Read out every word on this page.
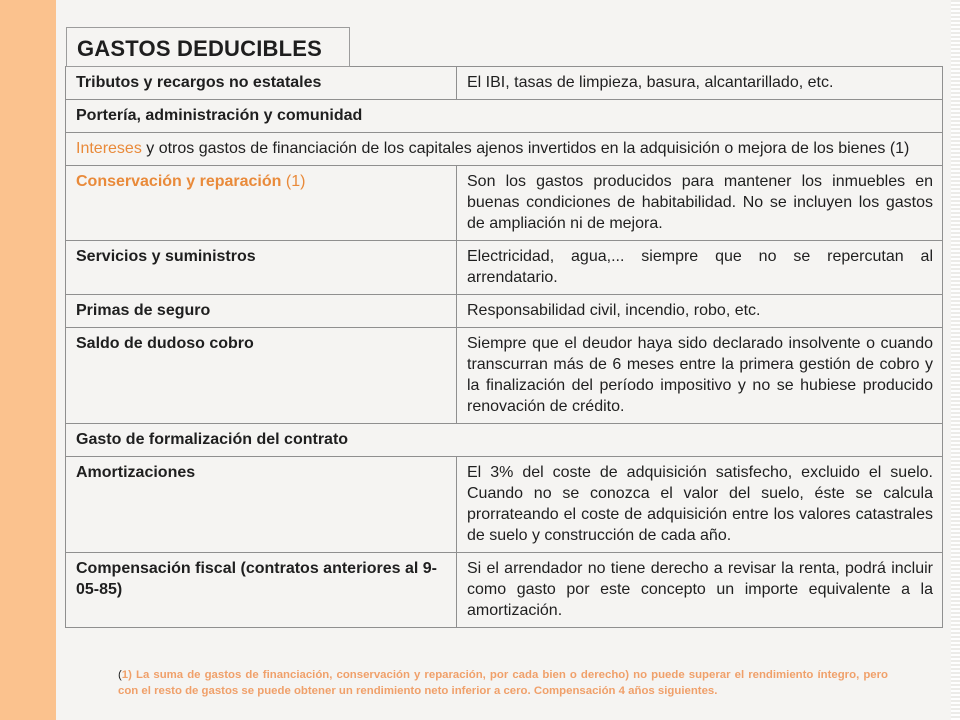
GASTOS DEDUCIBLES
Tributos y recargos no estatales	El IBI, tasas de limpieza, basura, alcantarillado, etc.
Portería, administración y comunidad	
Intereses y otros gastos de financiación de los capitales ajenos invertidos en la adquisición o mejora de los bienes (1)	
Conservación y reparación (1)	Son los gastos producidos para mantener los inmuebles en buenas condiciones de habitabilidad. No se incluyen los gastos de ampliación ni de mejora.
Servicios y suministros	Electricidad, agua,... siempre que no se repercutan al arrendatario.
Primas de seguro	Responsabilidad civil, incendio, robo, etc.
Saldo de dudoso cobro	Siempre que el deudor haya sido declarado insolvente o cuando transcurran más de 6 meses entre la primera gestión de cobro y la finalización del período impositivo y no se hubiese producido renovación de crédito.
Gasto de formalización del contrato	
Amortizaciones	El 3% del coste de adquisición satisfecho, excluido el suelo. Cuando no se conozca el valor del suelo, éste se calcula prorrateando el coste de adquisición entre los valores catastrales de suelo y construcción de cada año.
Compensación fiscal (contratos anteriores al 9-05-85)	Si el arrendador no tiene derecho a revisar la renta, podrá incluir como gasto por este concepto un importe equivalente a la amortización.
(1) La suma de gastos de financiación, conservación y reparación, por cada bien o derecho) no puede superar el rendimiento íntegro, pero con el resto de gastos se puede obtener un rendimiento neto inferior a cero. Compensación 4 años siguientes.
